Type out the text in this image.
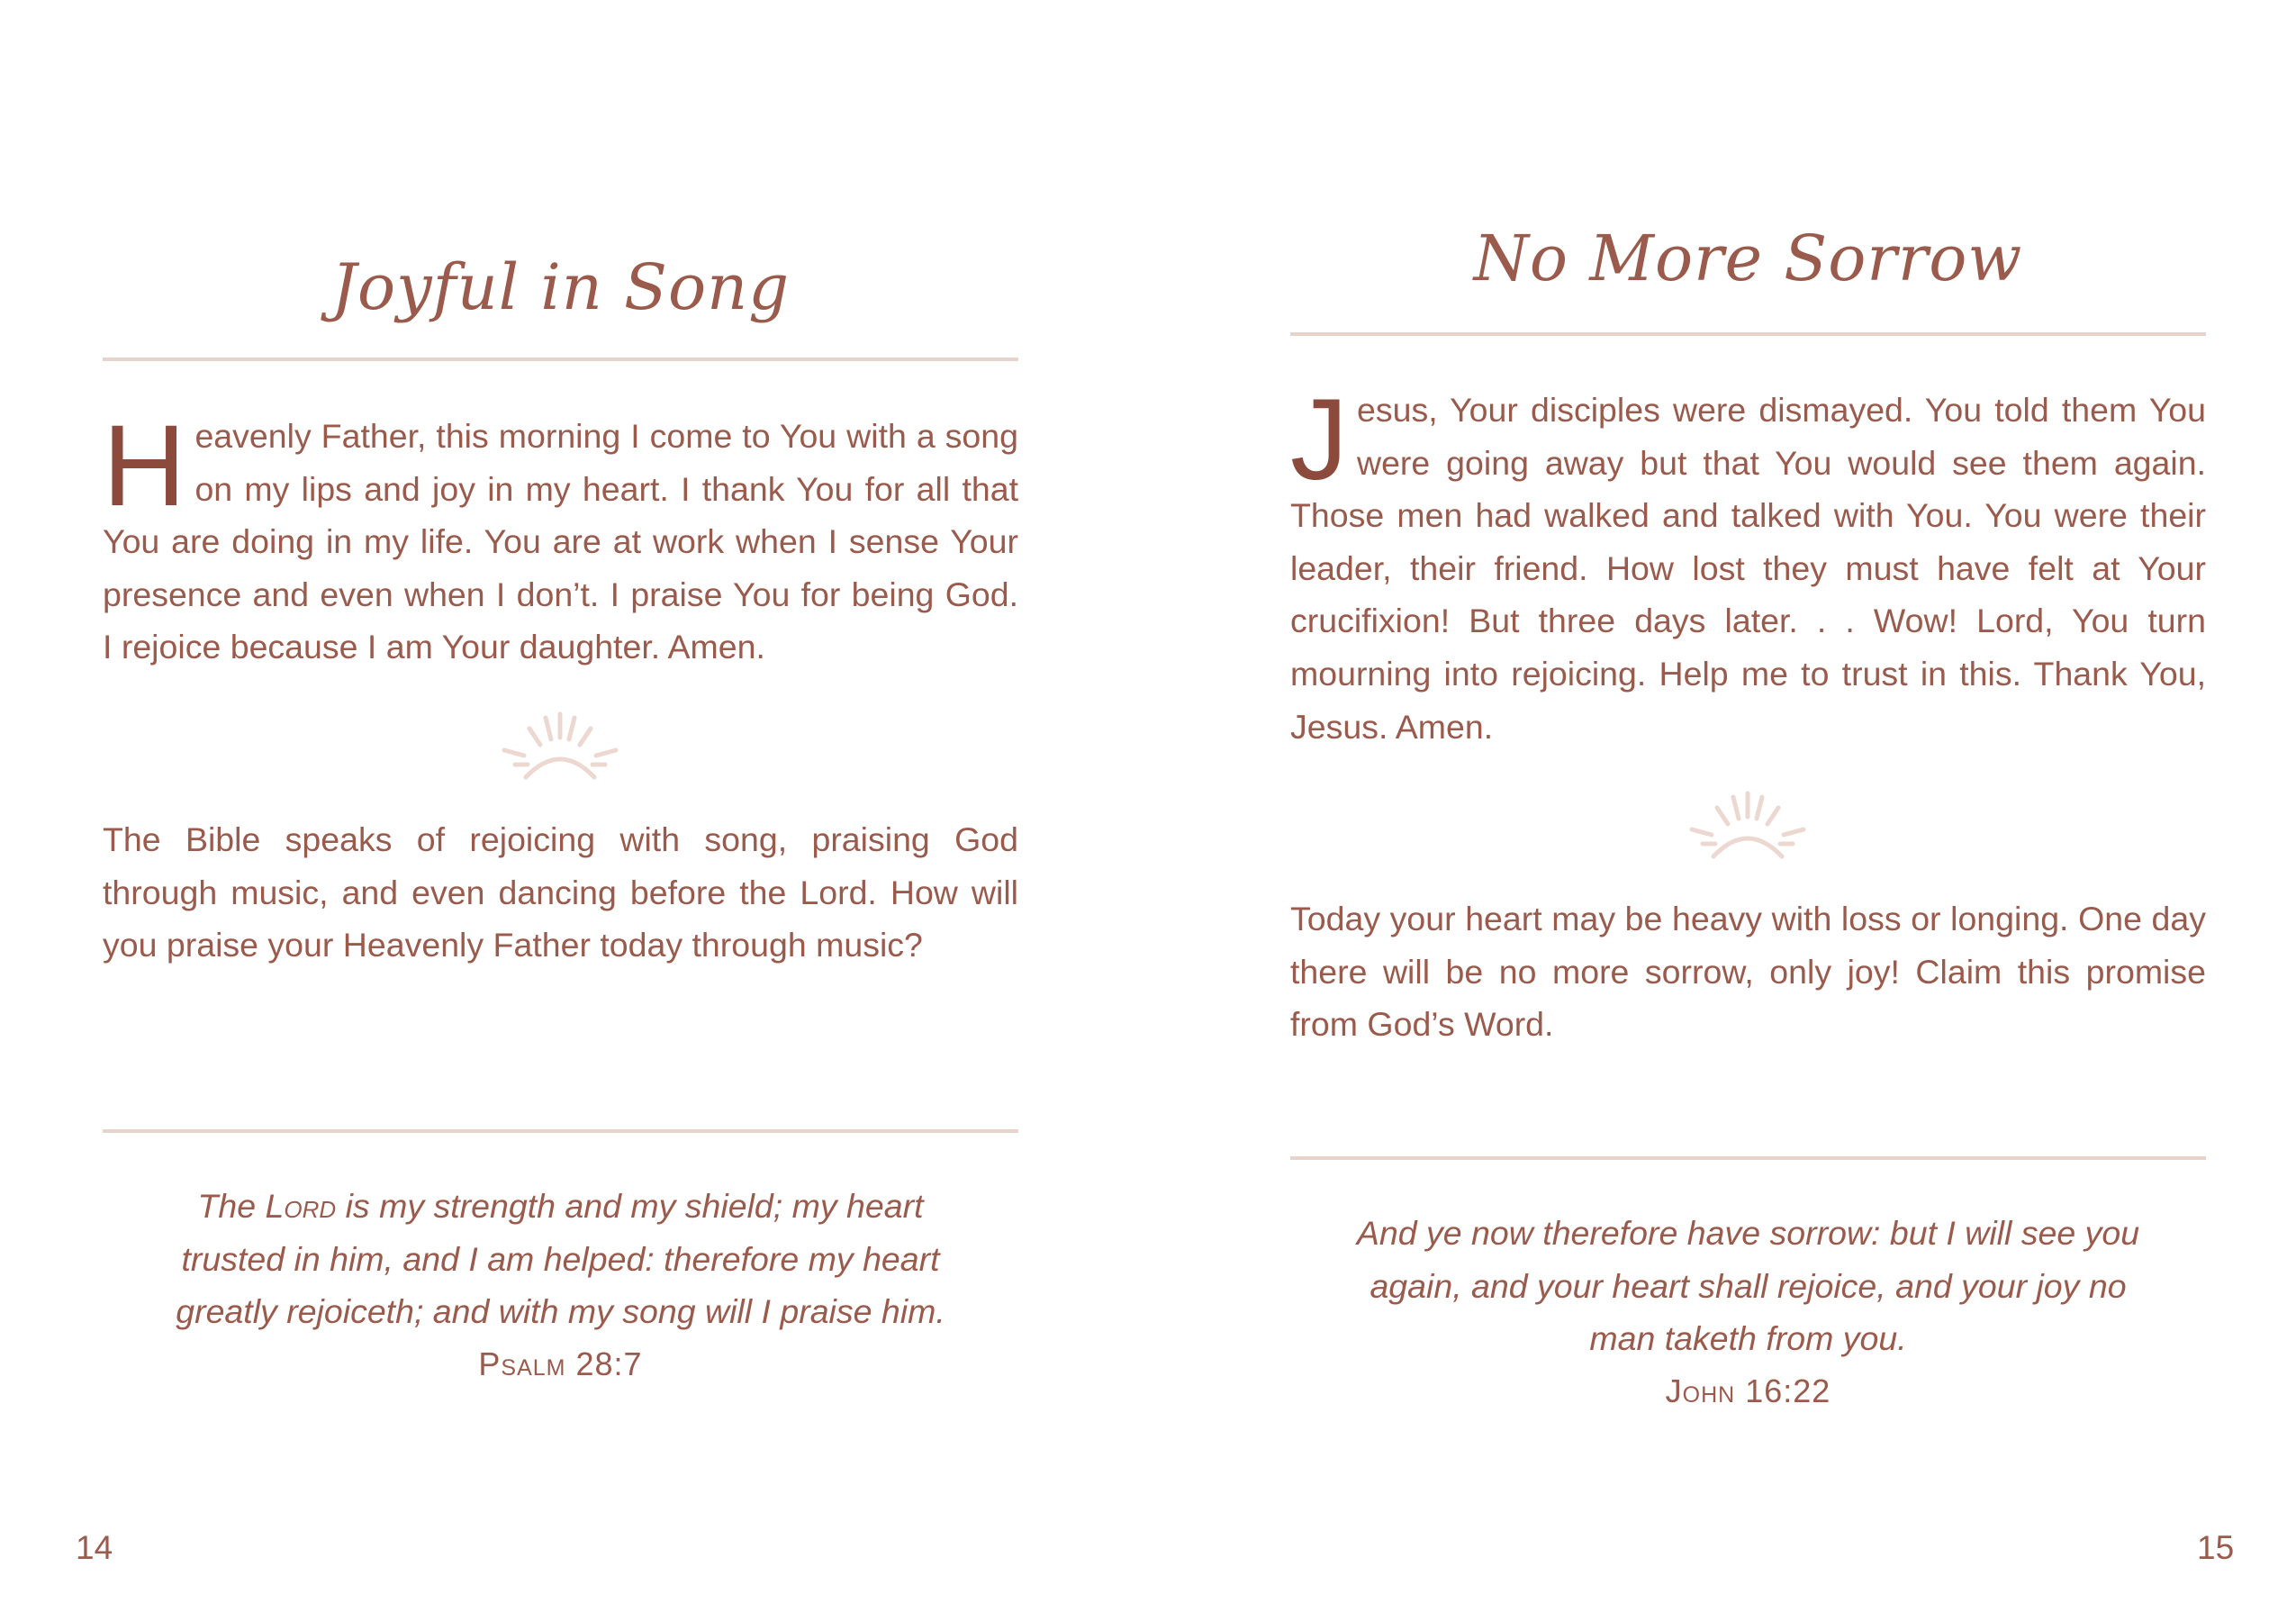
Joyful in Song
Heavenly Father, this morning I come to You with a song on my lips and joy in my heart. I thank You for all that You are doing in my life. You are at work when I sense Your presence and even when I don’t. I praise You for being God. I rejoice because I am Your daughter. Amen.
The Bible speaks of rejoicing with song, praising God through music, and even dancing before the Lord. How will you praise your Heavenly Father today through music?
The Lord is my strength and my shield; my heart
trusted in him, and I am helped: therefore my heart
greatly rejoiceth; and with my song will I praise him.
Psalm 28:7
14
No More Sorrow
Jesus, Your disciples were dismayed. You told them You were going away but that You would see them again. Those men had walked and talked with You. You were their leader, their friend. How lost they must have felt at Your crucifixion! But three days later. . . Wow! Lord, You turn mourning into rejoicing. Help me to trust in this. Thank You, Jesus. Amen.
Today your heart may be heavy with loss or longing. One day there will be no more sorrow, only joy! Claim this promise from God’s Word.
And ye now therefore have sorrow: but I will see you
again, and your heart shall rejoice, and your joy no
man taketh from you.
John 16:22
15
